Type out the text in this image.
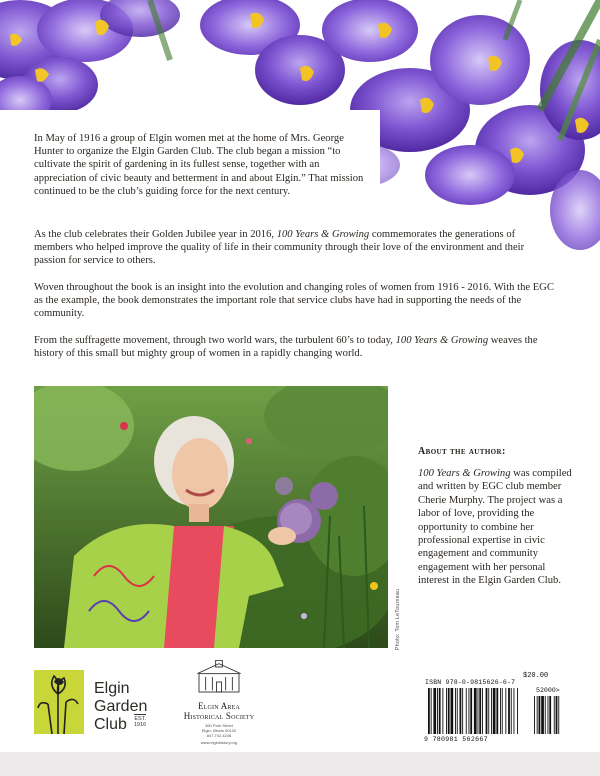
In May of 1916 a group of Elgin women met at the home of Mrs. George Hunter to organize the Elgin Garden Club. The club began a mission “to cultivate the spirit of gardening in its fullest sense, together with an appreciation of civic beauty and betterment in and about Elgin.” That mission continued to be the club’s guiding force for the next century.

As the club celebrates their Golden Jubilee year in 2016, 100 Years & Growing commemorates the generations of members who helped improve the quality of life in their community through their love of the environment and their passion for service to others.

Woven throughout the book is an insight into the evolution and changing roles of women from 1916 - 2016. With the EGC as the example, the book demonstrates the important role that service clubs have had in supporting the needs of the community.

From the suffragette movement, through two world wars, the turbulent 60’s to today, 100 Years & Growing weaves the history of this small but mighty group of women in a rapidly changing world.

Photo: Tom LeTourneau
About the author:

100 Years & Growing was compiled and written by EGC club member Cherie Murphy. The project was a labor of love, providing the opportunity to combine her professional expertise in civic engagement and community engagement with her personal interest in the Elgin Garden Club.

Elgin
Garden
Club	EST.
1916
Elgin Area Historical Society
360 Park Street
Elgin, Illinois 60120
847.742.4248
www.elginhistory.org
$20.00
ISBN 978-0-9815626-6-7
52000>
9 780981 562667
